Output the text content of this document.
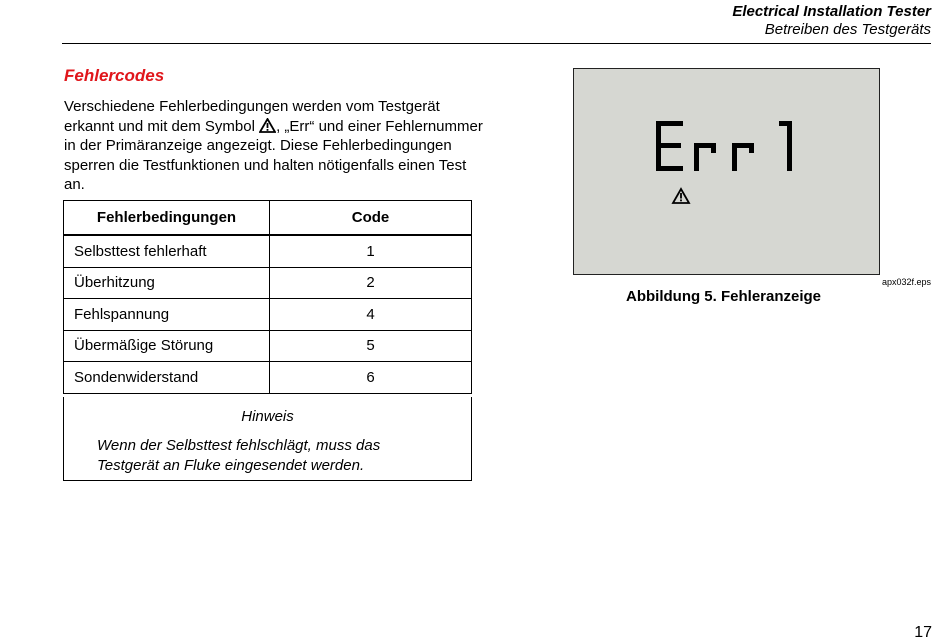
Electrical Installation Tester
Betreiben des Testgeräts
Fehlercodes
Verschiedene Fehlerbedingungen werden vom Testgerät erkannt und mit dem Symbol , „Err“ und einer Fehlernummer in der Primäranzeige angezeigt. Diese Fehlerbedingungen sperren die Testfunktionen und halten nötigenfalls einen Test an.
Fehlerbedingungen	Code
Selbsttest fehlerhaft	1
Überhitzung	2
Fehlspannung	4
Übermäßige Störung	5
Sondenwiderstand	6
Hinweis
Wenn der Selbsttest fehlschlägt, muss das Testgerät an Fluke eingesendet werden.
apx032f.eps
Abbildung 5. Fehleranzeige
17
